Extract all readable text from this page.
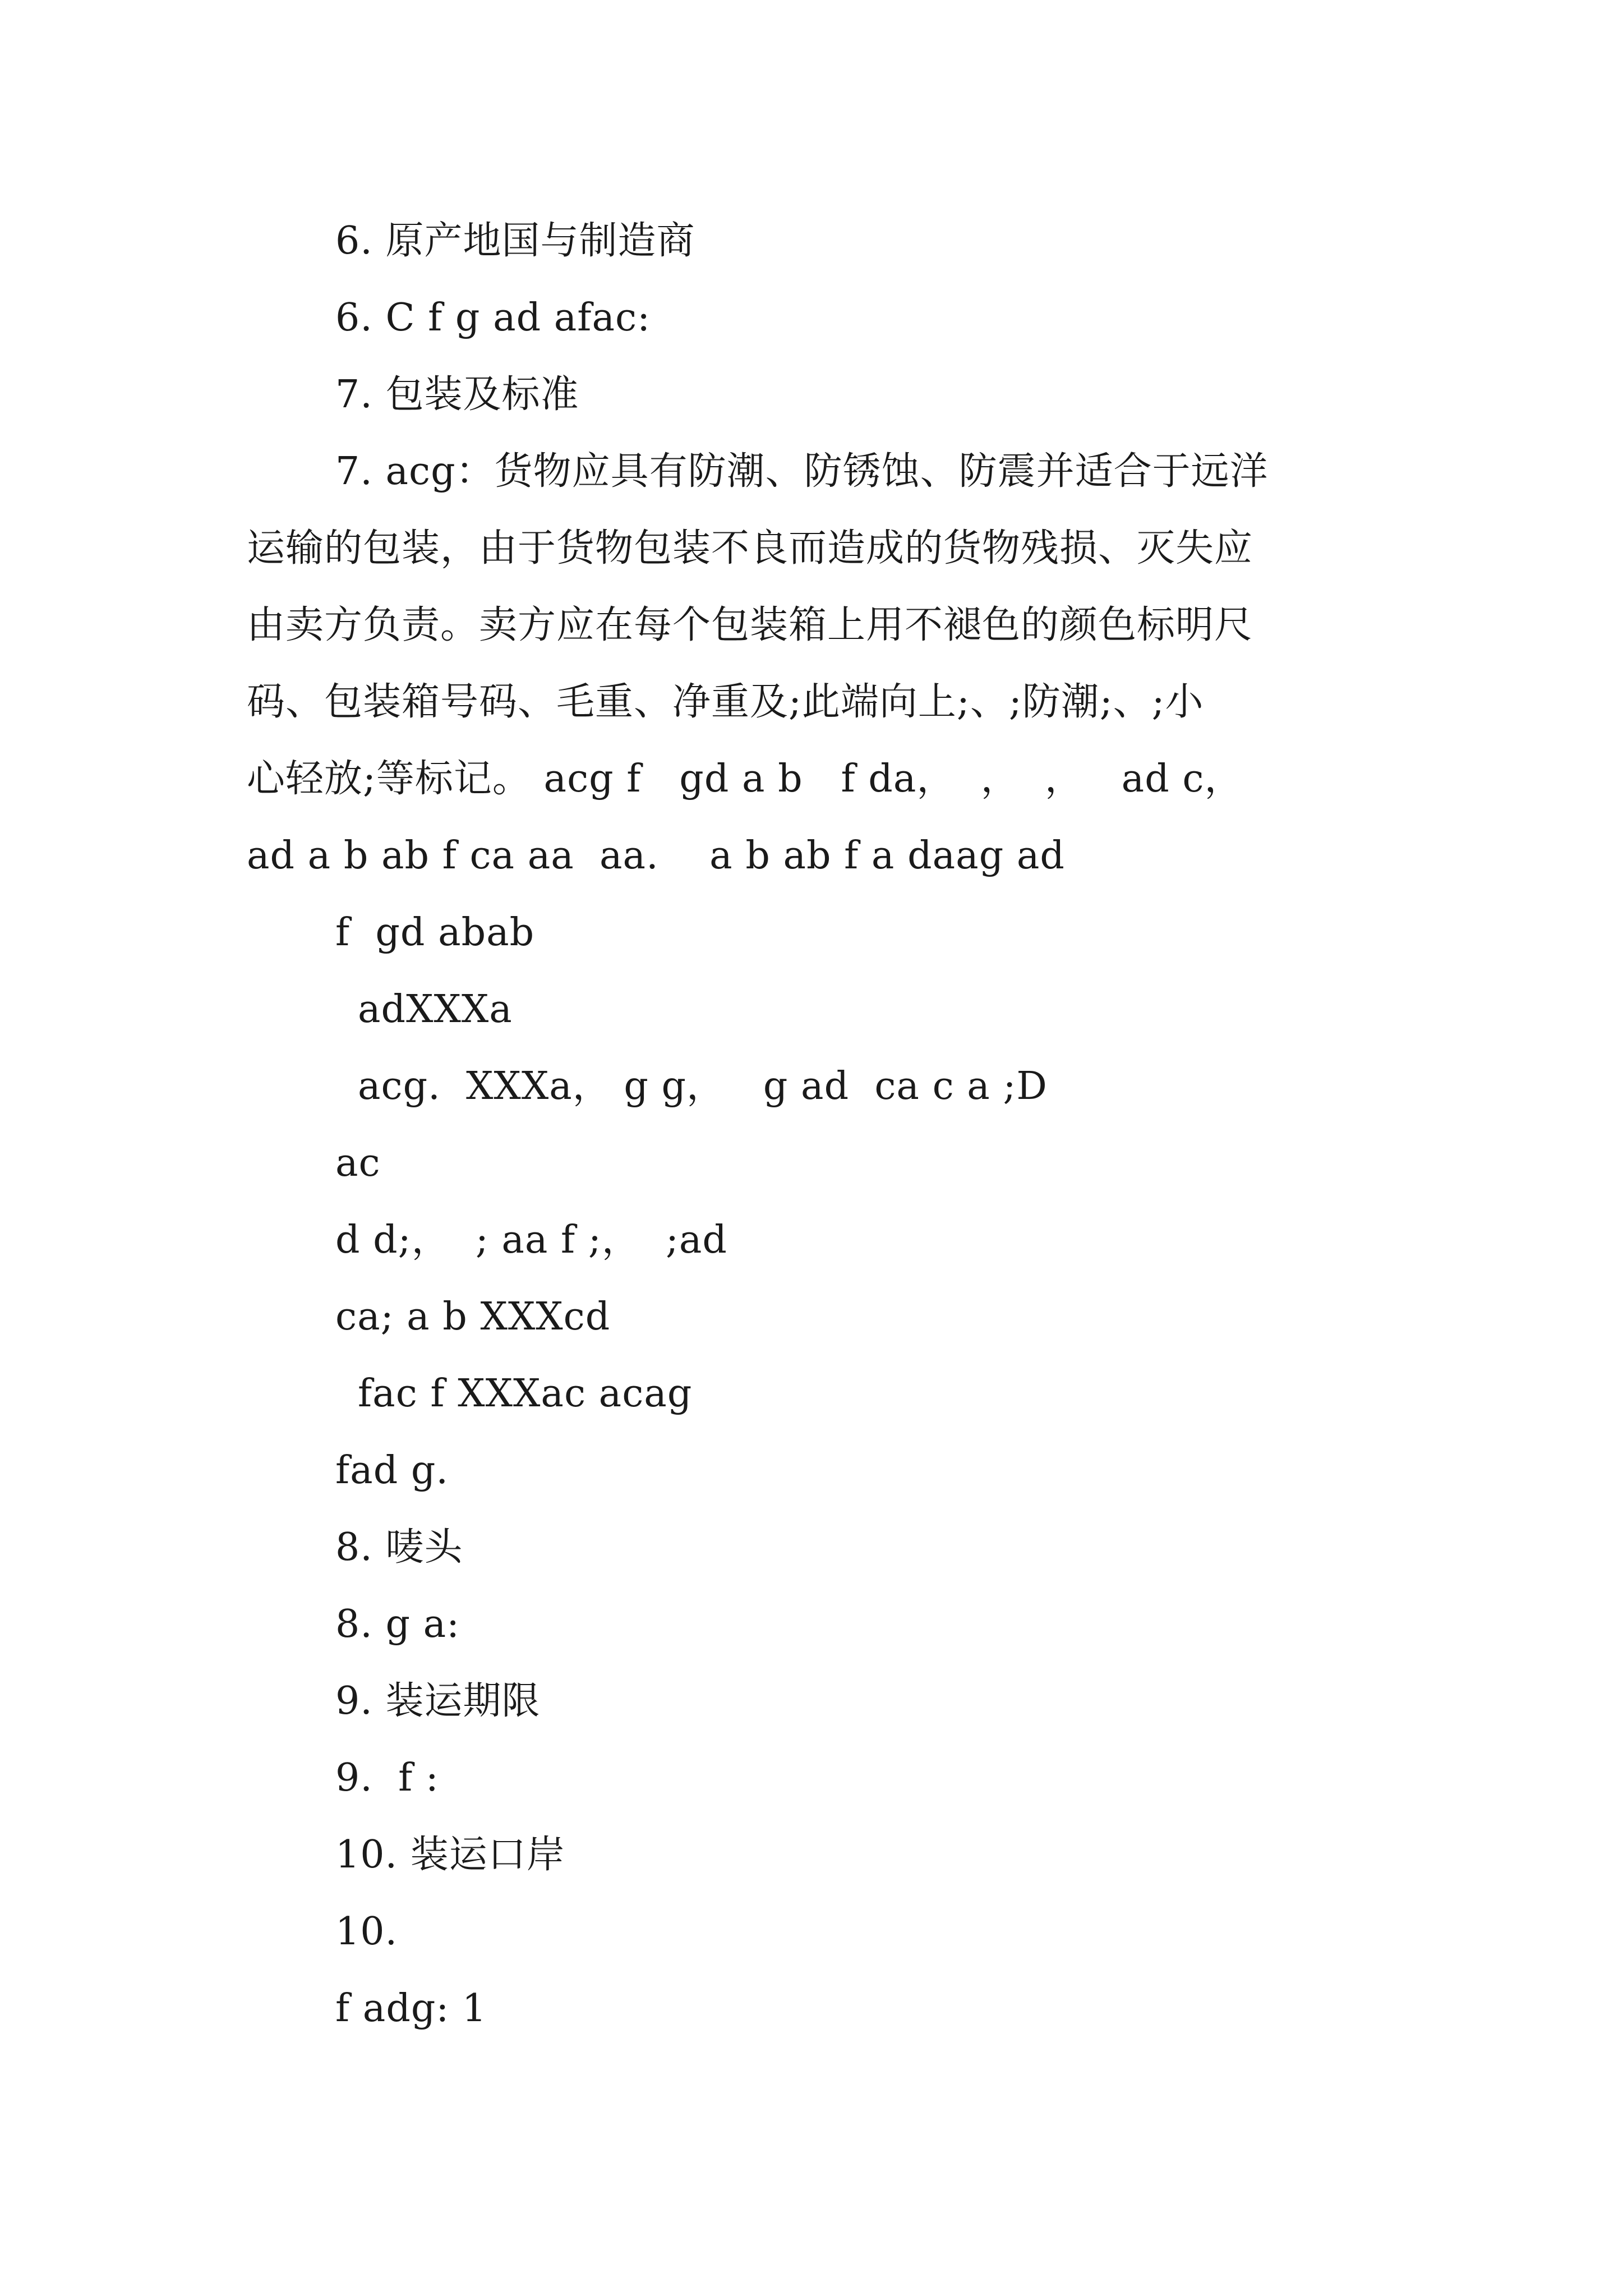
6. 原产地国与制造商
6. C f g ad afac:
7. 包装及标准
7. acg：货物应具有防潮、防锈蚀、防震并适合于远洋
运输的包装，由于货物包装不良而造成的货物残损、灭失应
由卖方负责。卖方应在每个包装箱上用不褪色的颜色标明尺
码、包装箱号码、毛重、净重及;此端向上;、;防潮;、;小
心轻放;等标记。 acg f   gd a b   f da，  ，  ，   ad c，
ad a b ab f ca aa  aa.    a b ab f a daag ad
f  gd abab
adXXXa
acg.  XXXa， g g，   g ad  ca c a ;D
ac
d d;，  ; aa f ;，  ;ad
ca; a b XXXcd
fac f XXXac acag
fad g.
8. 唛头
8. g a:
9. 装运期限
9.  f :
10. 装运口岸
10.
f adg: 1
